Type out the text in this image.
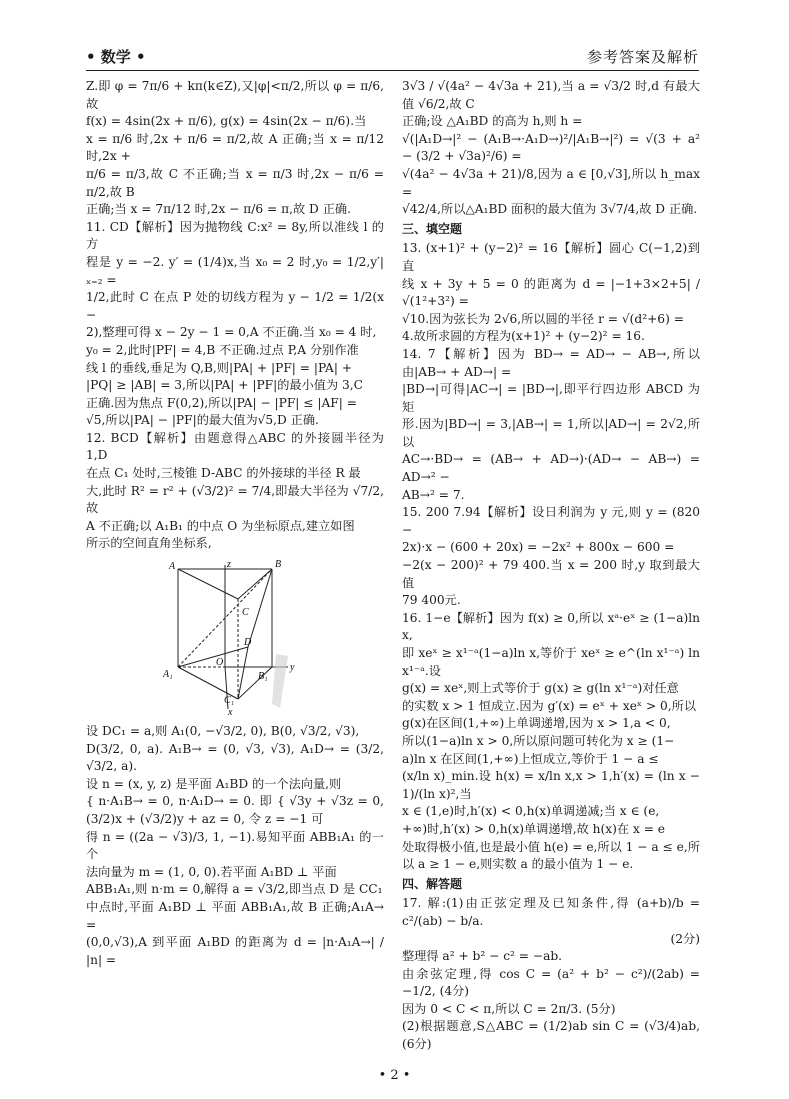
• 数学 •	参考答案及解析

Z.即 φ = 7π/6 + kπ(k∈Z),又|φ|<π/2,所以 φ = π/6,故

f(x) = 4sin(2x + π/6), g(x) = 4sin(2x − π/6).当

x = π/6 时,2x + π/6 = π/2,故 A 正确;当 x = π/12 时,2x +

π/6 = π/3,故 C 不正确;当 x = π/3 时,2x − π/6 = π/2,故 B

正确;当 x = 7π/12 时,2x − π/6 = π,故 D 正确.

11. CD【解析】因为抛物线 C:x² = 8y,所以准线 l 的方

程是 y = −2. y′ = (1/4)x,当 x₀ = 2 时,y₀ = 1/2,y′|ₓ₌₂ =

1/2,此时 C 在点 P 处的切线方程为 y − 1/2 = 1/2(x −

2),整理可得 x − 2y − 1 = 0,A 不正确.当 x₀ = 4 时,

y₀ = 2,此时|PF| = 4,B 不正确.过点 P,A 分别作准

线 l 的垂线,垂足为 Q,B,则|PA| + |PF| = |PA| +

|PQ| ≥ |AB| = 3,所以|PA| + |PF|的最小值为 3,C

正确.因为焦点 F(0,2),所以|PA| − |PF| ≤ |AF| =

√5,所以|PA| − |PF|的最大值为√5,D 正确.

12. BCD【解析】由题意得△ABC 的外接圆半径为 1,D

在点 C₁ 处时,三棱锥 D-ABC 的外接球的半径 R 最

大,此时 R² = r² + (√3/2)² = 7/4,即最大半径为 √7/2,故

A 不正确;以 A₁B₁ 的中点 O 为坐标原点,建立如图

所示的空间直角坐标系,

A	B
C
D
O
A₁	B₁
C₁
z
y
x

设 DC₁ = a,则 A₁(0, −√3/2, 0), B(0, √3/2, √3),

D(3/2, 0, a). A₁B→ = (0, √3, √3), A₁D→ = (3/2, √3/2, a).

设 n = (x, y, z) 是平面 A₁BD 的一个法向量,则

{ n·A₁B→ = 0, n·A₁D→ = 0. 即 { √3y + √3z = 0, (3/2)x + (√3/2)y + az = 0, 令 z = −1 可

得 n = ((2a − √3)/3, 1, −1).易知平面 ABB₁A₁ 的一个

法向量为 m = (1, 0, 0).若平面 A₁BD ⊥ 平面

ABB₁A₁,则 n·m = 0,解得 a = √3/2,即当点 D 是 CC₁

中点时,平面 A₁BD ⊥ 平面 ABB₁A₁,故 B 正确;A₁A→ =

(0,0,√3),A 到平面 A₁BD 的距离为 d = |n·A₁A→| / |n| =

3√3 / √(4a² − 4√3a + 21),当 a = √3/2 时,d 有最大值 √6/2,故 C

正确;设 △A₁BD 的高为 h,则 h =

√(|A₁D→|² − (A₁B→·A₁D→)²/|A₁B→|²) = √(3 + a² − (3/2 + √3a)²/6) =

√(4a² − 4√3a + 21)/8,因为 a ∈ [0,√3],所以 h_max =

√42/4,所以△A₁BD 面积的最大值为 3√7/4,故 D 正确.

三、填空题

13. (x+1)² + (y−2)² = 16【解析】圆心 C(−1,2)到直

线 x + 3y + 5 = 0 的距离为 d = |−1+3×2+5| / √(1²+3²) =

√10.因为弦长为 2√6,所以圆的半径 r = √(d²+6) =

4.故所求圆的方程为(x+1)² + (y−2)² = 16.

14. 7【解析】因为 BD→ = AD→ − AB→,所以由|AB→ + AD→| =

|BD→|可得|AC→| = |BD→|,即平行四边形 ABCD 为矩

形.因为|BD→| = 3,|AB→| = 1,所以|AD→| = 2√2,所以

AC→·BD→ = (AB→ + AD→)·(AD→ − AB→) = AD→² −

AB→² = 7.

15. 200 7.94【解析】设日利润为 y 元,则 y = (820 −

2x)·x − (600 + 20x) = −2x² + 800x − 600 =

−2(x − 200)² + 79 400.当 x = 200 时,y 取到最大值

79 400元.

16. 1−e【解析】因为 f(x) ≥ 0,所以 xᵃ·eˣ ≥ (1−a)ln x,

即 xeˣ ≥ x¹⁻ᵃ(1−a)ln x,等价于 xeˣ ≥ e^(ln x¹⁻ᵃ) ln x¹⁻ᵃ.设

g(x) = xeˣ,则上式等价于 g(x) ≥ g(ln x¹⁻ᵃ)对任意

的实数 x > 1 恒成立.因为 g′(x) = eˣ + xeˣ > 0,所以

g(x)在区间(1,+∞)上单调递增,因为 x > 1,a < 0,

所以(1−a)ln x > 0,所以原问题可转化为 x ≥ (1−

a)ln x 在区间(1,+∞)上恒成立,等价于 1 − a ≤

(x/ln x)_min.设 h(x) = x/ln x,x > 1,h′(x) = (ln x − 1)/(ln x)²,当

x ∈ (1,e)时,h′(x) < 0,h(x)单调递减;当 x ∈ (e,

+∞)时,h′(x) > 0,h(x)单调递增,故 h(x)在 x = e

处取得极小值,也是最小值 h(e) = e,所以 1 − a ≤ e,所

以 a ≥ 1 − e,则实数 a 的最小值为 1 − e.

四、解答题

17. 解:(1)由正弦定理及已知条件,得 (a+b)/b = c²/(ab) − b/a.

(2分)

整理得 a² + b² − c² = −ab.

由余弦定理,得 cos C = (a² + b² − c²)/(2ab) = −1/2, (4分)

因为 0 < C < π,所以 C = 2π/3. (5分)

(2)根据题意,S△ABC = (1/2)ab sin C = (√3/4)ab, (6分)

• 2 •
